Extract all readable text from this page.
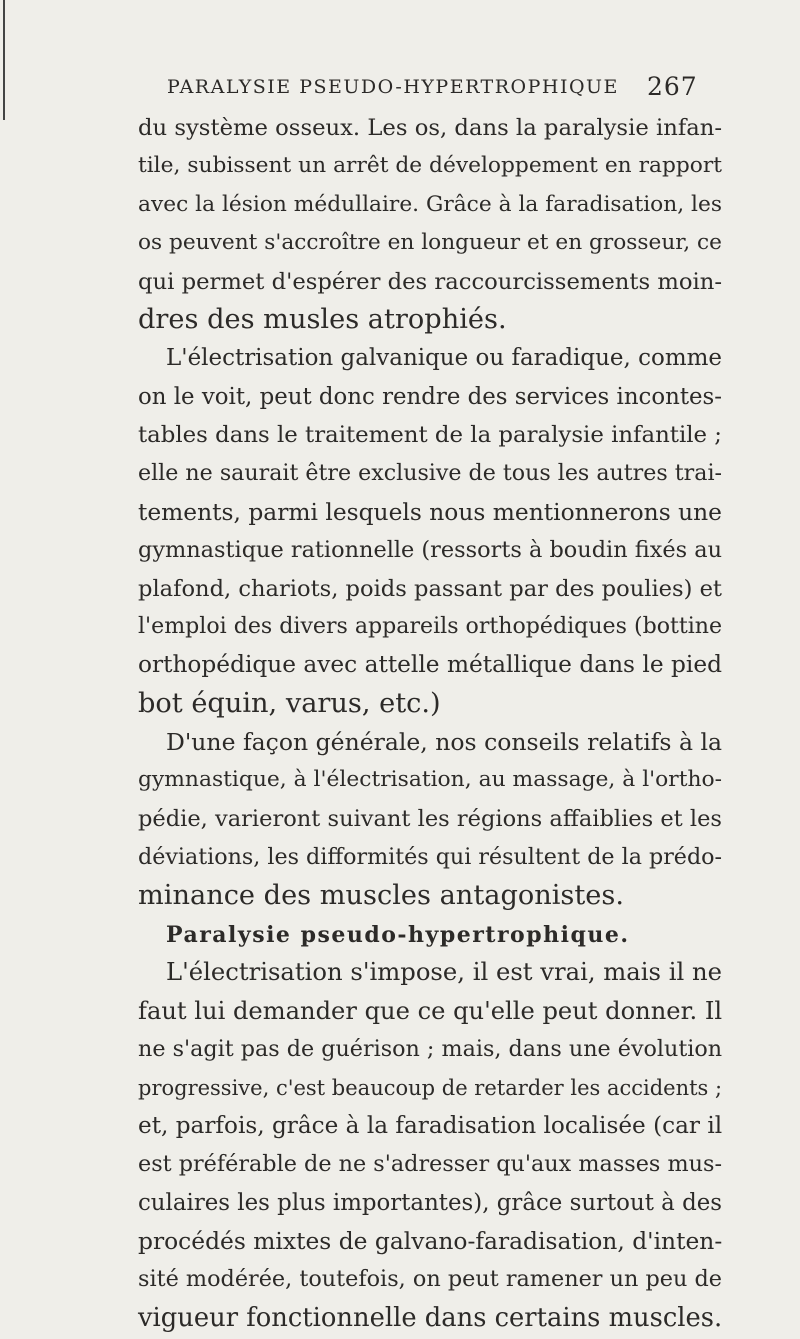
PARALYSIE PSEUDO-HYPERTROPHIQUE	267
du système osseux. Les os, dans la paralysie infan-
tile, subissent un arrêt de développement en rapport
avec la lésion médullaire. Grâce à la faradisation, les
os peuvent s'accroître en longueur et en grosseur, ce
qui permet d'espérer des raccourcissements moin-
dres des musles atrophiés.
L'électrisation galvanique ou faradique, comme
on le voit, peut donc rendre des services incontes-
tables dans le traitement de la paralysie infantile ;
elle ne saurait être exclusive de tous les autres trai-
tements, parmi lesquels nous mentionnerons une
gymnastique rationnelle (ressorts à boudin fixés au
plafond, chariots, poids passant par des poulies) et
l'emploi des divers appareils orthopédiques (bottine
orthopédique avec attelle métallique dans le pied
bot équin, varus, etc.)
D'une façon générale, nos conseils relatifs à la
gymnastique, à l'électrisation, au massage, à l'ortho-
pédie, varieront suivant les régions affaiblies et les
déviations, les difformités qui résultent de la prédo-
minance des muscles antagonistes.
Paralysie pseudo-hypertrophique.
L'électrisation s'impose, il est vrai, mais il ne
faut lui demander que ce qu'elle peut donner. Il
ne s'agit pas de guérison ; mais, dans une évolution
progressive, c'est beaucoup de retarder les accidents ;
et, parfois, grâce à la faradisation localisée (car il
est préférable de ne s'adresser qu'aux masses mus-
culaires les plus importantes), grâce surtout à des
procédés mixtes de galvano-faradisation, d'inten-
sité modérée, toutefois, on peut ramener un peu de
vigueur fonctionnelle dans certains muscles.
